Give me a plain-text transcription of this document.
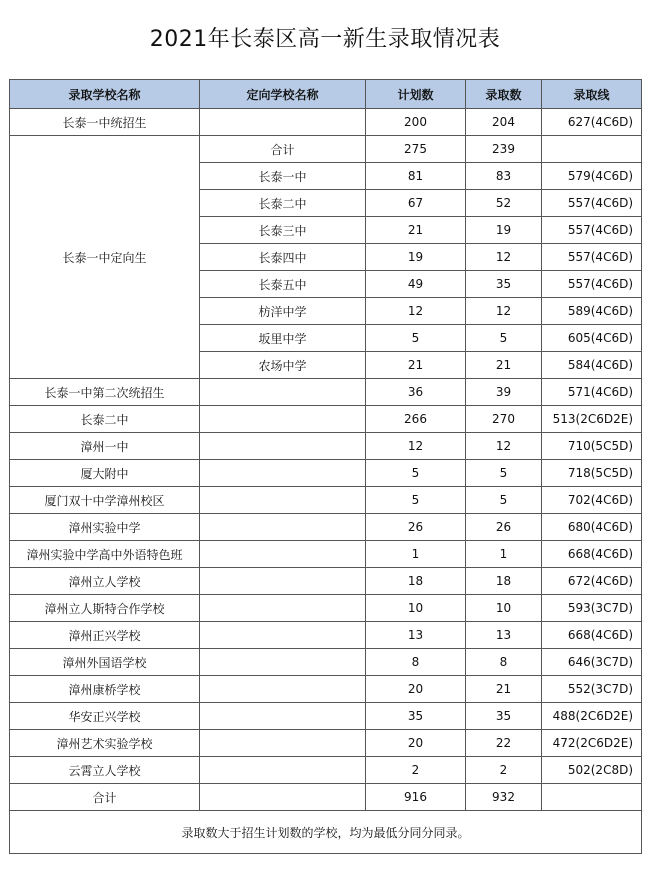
2021年长泰区高一新生录取情况表
录取学校名称	定向学校名称	计划数	录取数	录取线
长泰一中统招生		200	204	627(4C6D)
长泰一中定向生	合计	275	239	
	长泰一中	81	83	579(4C6D)
	长泰二中	67	52	557(4C6D)
	长泰三中	21	19	557(4C6D)
	长泰四中	19	12	557(4C6D)
	长泰五中	49	35	557(4C6D)
	枋洋中学	12	12	589(4C6D)
	坂里中学	5	5	605(4C6D)
	农场中学	21	21	584(4C6D)
长泰一中第二次统招生		36	39	571(4C6D)
长泰二中		266	270	513(2C6D2E)
漳州一中		12	12	710(5C5D)
厦大附中		5	5	718(5C5D)
厦门双十中学漳州校区		5	5	702(4C6D)
漳州实验中学		26	26	680(4C6D)
漳州实验中学高中外语特色班		1	1	668(4C6D)
漳州立人学校		18	18	672(4C6D)
漳州立人斯特合作学校		10	10	593(3C7D)
漳州正兴学校		13	13	668(4C6D)
漳州外国语学校		8	8	646(3C7D)
漳州康桥学校		20	21	552(3C7D)
华安正兴学校		35	35	488(2C6D2E)
漳州艺术实验学校		20	22	472(2C6D2E)
云霄立人学校		2	2	502(2C8D)
合计		916	932	
录取数大于招生计划数的学校，均为最低分同分同录。				
